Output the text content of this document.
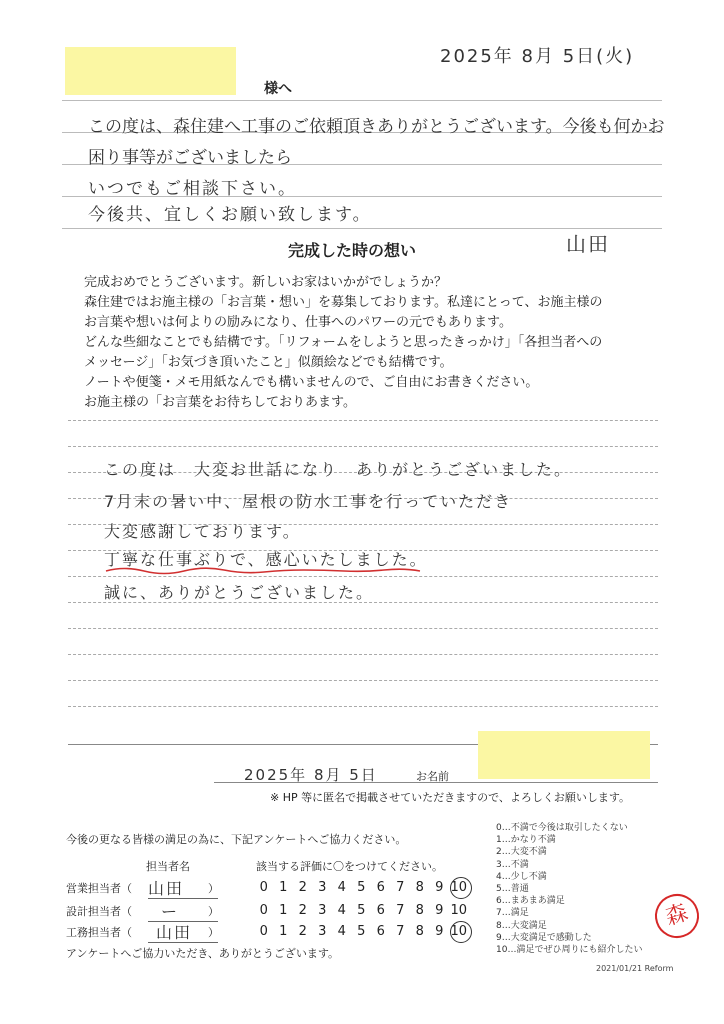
2025年 8月 5日(火)
様へ
この度は、森住建へ工事のご依頼頂きありがとうございます。今後も何かお困り事等がございましたら
いつでもご相談下さい。
今後共、宜しくお願い致します。
山田
完成した時の想い
完成おめでとうございます。新しいお家はいかがでしょうか？
森住建ではお施主様の「お言葉・想い」を募集しております。私達にとって、お施主様の
お言葉や想いは何よりの励みになり、仕事へのパワーの元でもあります。
どんな些細なことでも結構です。「リフォームをしようと思ったきっかけ」「各担当者への
メッセージ」「お気づき頂いたこと」似顔絵などでも結構です。
ノートや便箋・メモ用紙なんでも構いませんので、ご自由にお書きください。
お施主様の「お言葉をお待ちしておりあます。
この度は　大変お世話になり　ありがとうございました。
7月末の暑い中、屋根の防水工事を行っていただき
大変感謝しております。
丁寧な仕事ぶりで、感心いたしました。
誠に、ありがとうございました。
2025年 8月 5日	お名前
※ HP 等に匿名で掲載させていただきますので、よろしくお願いします。
今後の更なる皆様の満足の為に、下記アンケートへご協力ください。
担当者名	該当する評価に〇をつけてください。
営業担当者（ 山田 ）	0 1 2 3 4 5 6 7 8 9 10
設計担当者（ ー	）	0 1 2 3 4 5 6 7 8 9 10
工務担当者（ 山田 ）	0 1 2 3 4 5 6 7 8 9 10
アンケートへご協力いただき、ありがとうございます。
0…不満で今後は取引したくない
1…かなり不満
2…大変不満
3…不満
4…少し不満
5…普通
6…まあまあ満足
7…満足
8…大変満足
9…大変満足で感動した
10…満足でぜひ周りにも紹介したい
森
2021/01/21 Reform
